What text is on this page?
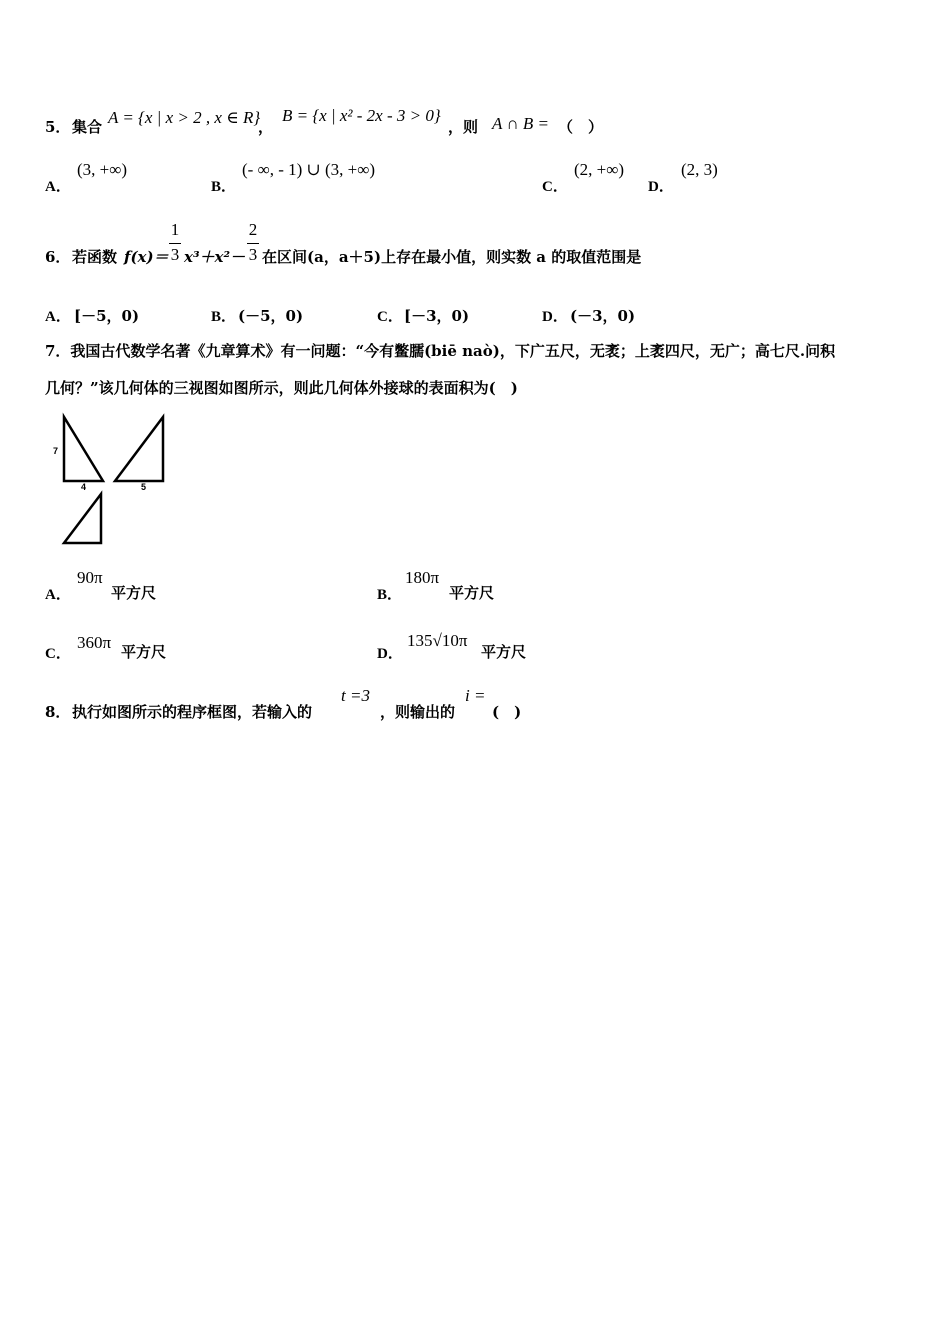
5． 集合 A = {x | x > 2 , x ∈ R}
，
B = {x | x² - 2x - 3 > 0}
，则 A ∩ B = （　）
A．
(3, +∞)
B．
(- ∞, - 1) ∪ (3, +∞)
C．
(2, +∞)
D．
(2, 3)
6． 若函数 f(x)＝
1
3 x³＋x²－
2
3 在区间(a，a＋5)上存在最小值，则实数 a 的取值范围是
A． [－5，0)	B． (－5，0)	C． [－3，0)	D． (－3，0)
7．我国古代数学名著《九章算术》有一问题：“今有鳖臑(biē naò)，下广五尺，无袤；上袤四尺，无广；高七尺.问积
几何？”该几何体的三视图如图所示，则此几何体外接球的表面积为(　)
7
4	5
A．
90π
平方尺	B．
180π
平方尺
C．
360π 平方尺	D．
135√10π
平方尺
8． 执行如图所示的程序框图，若输入的
t =3
，则输出的
i =
(　)
